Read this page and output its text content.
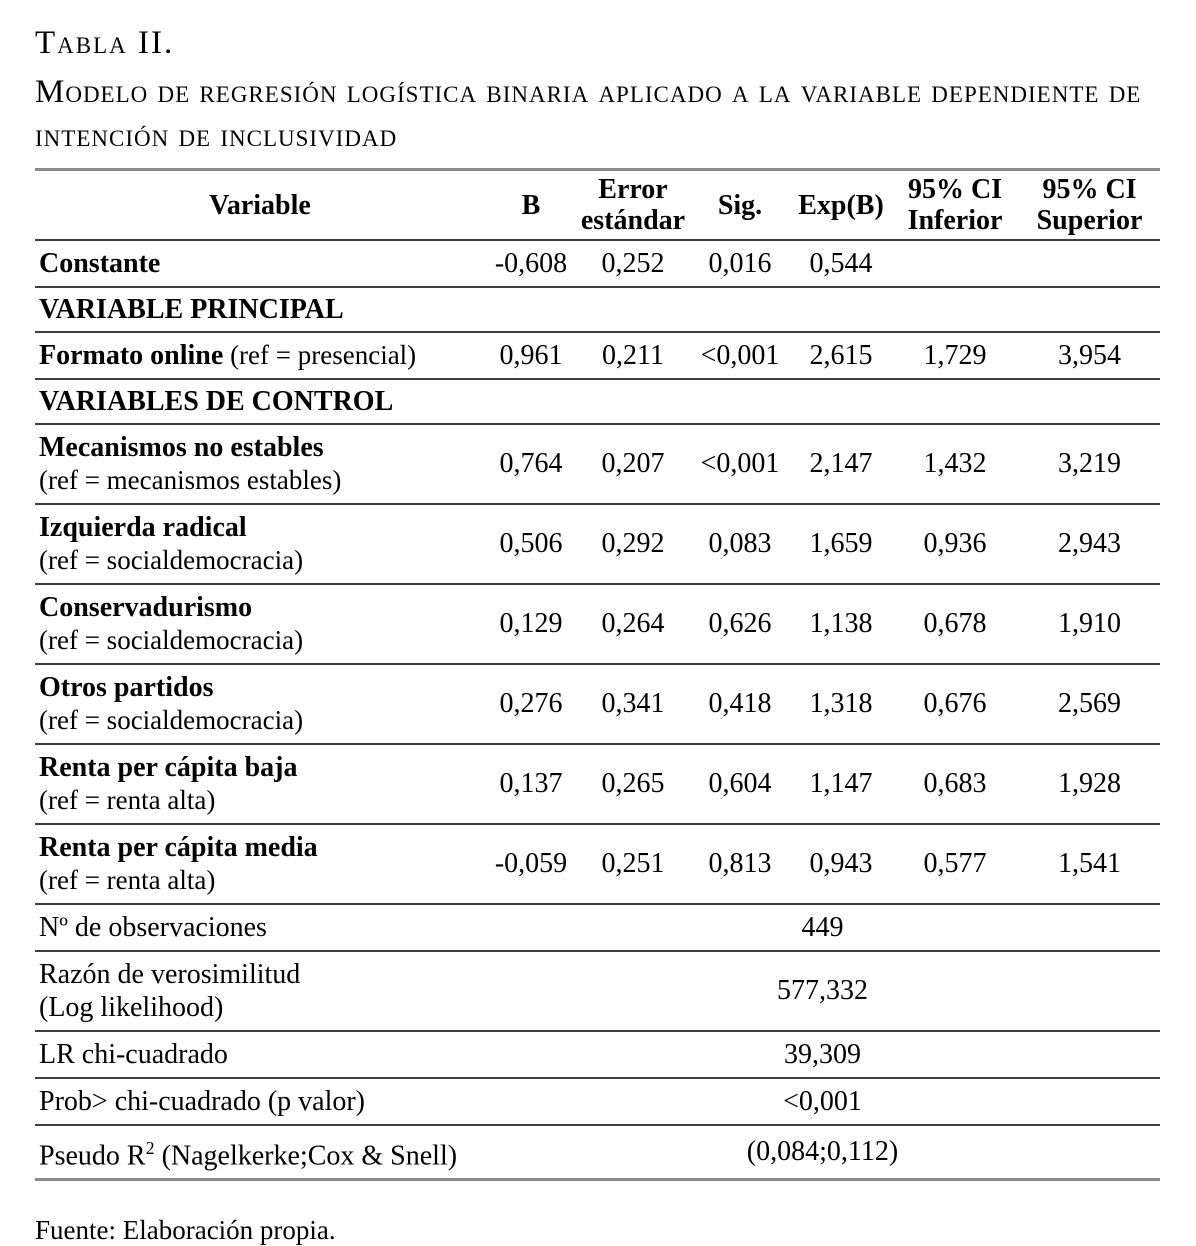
Tabla II.
Modelo de regresión logística binaria aplicado a la variable dependiente de intención de inclusividad
Variable	B	Error estándar	Sig.	Exp(B)	95% CI Inferior	95% CI Superior
Constante	-0,608	0,252	0,016	0,544		
VARIABLE PRINCIPAL						
Formato online (ref = presencial)	0,961	0,211	<0,001	2,615	1,729	3,954
VARIABLES DE CONTROL						
Mecanismos no estables
(ref = mecanismos estables)	0,764	0,207	<0,001	2,147	1,432	3,219
Izquierda radical
(ref = socialdemocracia)	0,506	0,292	0,083	1,659	0,936	2,943
Conservadurismo
(ref = socialdemocracia)	0,129	0,264	0,626	1,138	0,678	1,910
Otros partidos
(ref = socialdemocracia)	0,276	0,341	0,418	1,318	0,676	2,569
Renta per cápita baja
(ref = renta alta)	0,137	0,265	0,604	1,147	0,683	1,928
Renta per cápita media
(ref = renta alta)	-0,059	0,251	0,813	0,943	0,577	1,541
Nº de observaciones	449					
Razón de verosimilitud
(Log likelihood)	577,332					
LR chi-cuadrado	39,309					
Prob> chi-cuadrado (p valor)	<0,001					
Pseudo $R^2$ (Nagelkerke;Cox & Snell)	(0,084;0,112)					
Fuente: Elaboración propia.
